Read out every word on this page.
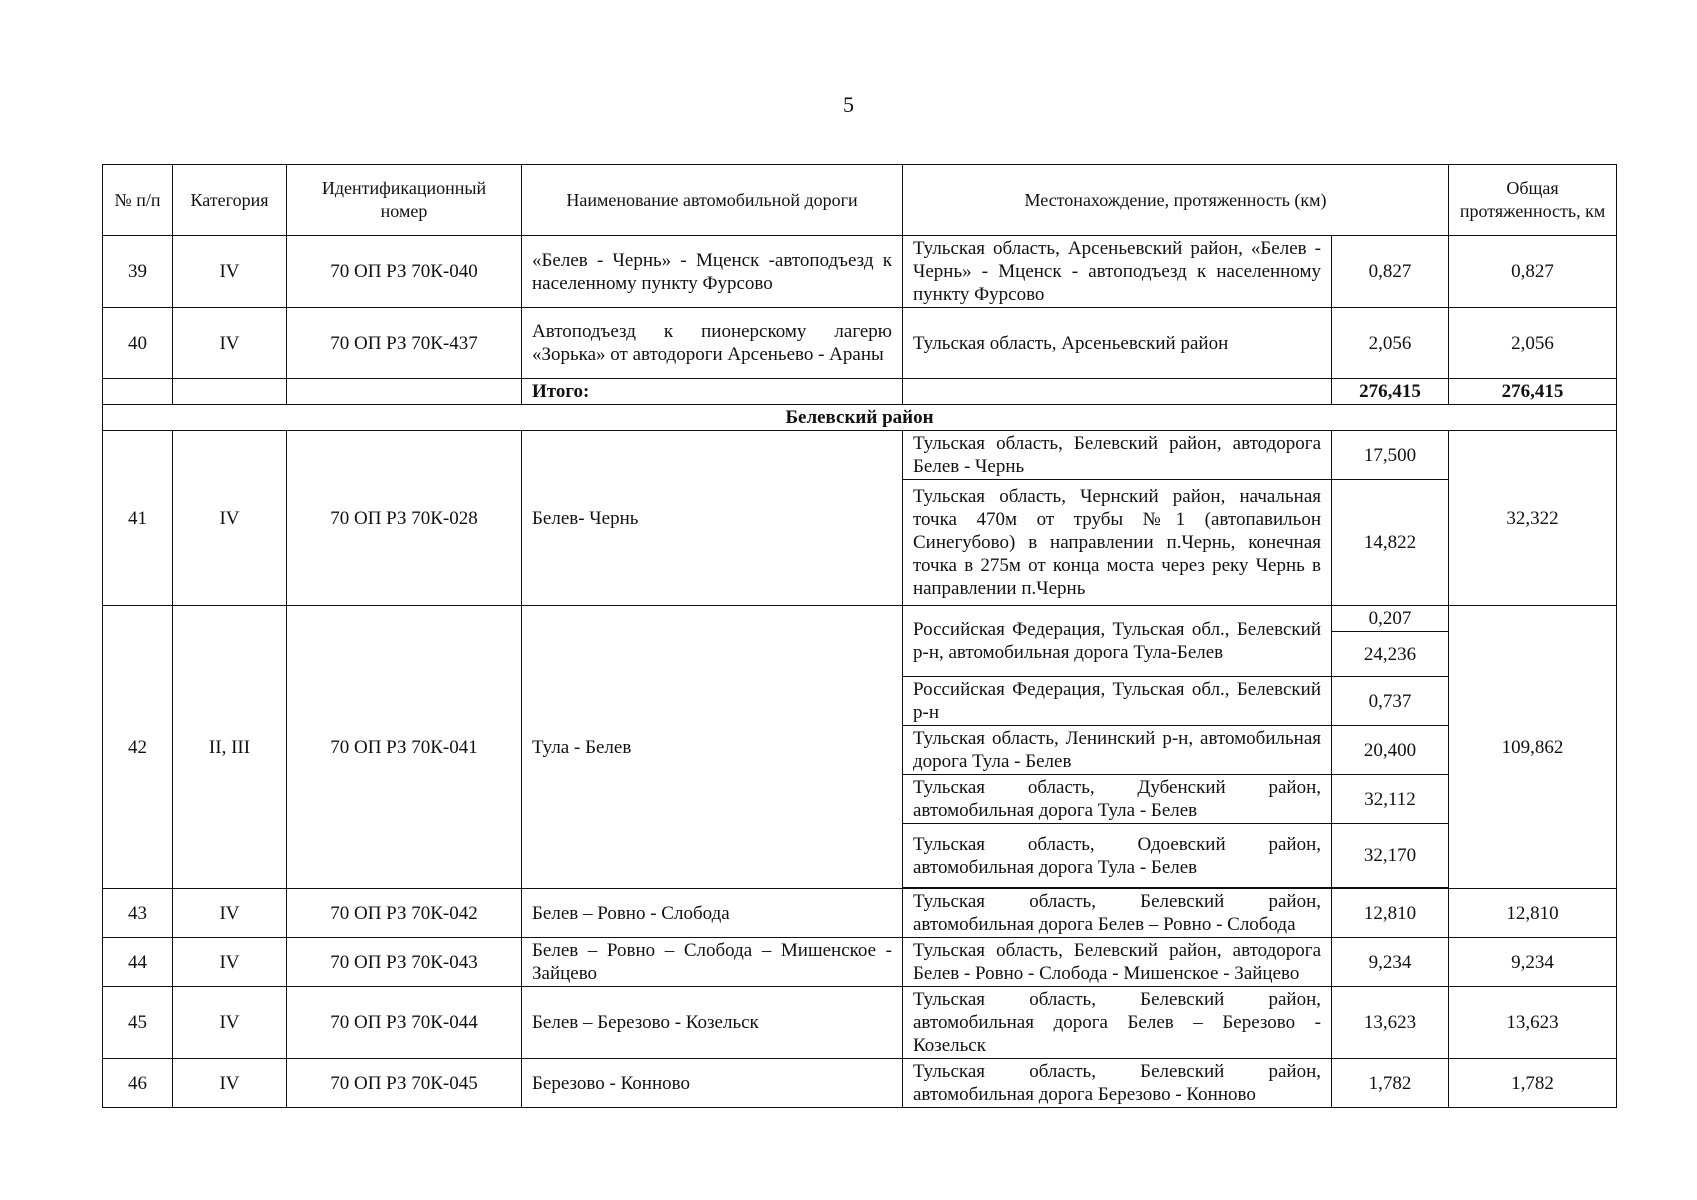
5
№ п/п	Категория	Идентификационный номер	Наименование автомобильной дороги	Местонахождение, протяженность (км)		Общая протяженность, км
39	IV	70 ОП РЗ 70К-040	«Белев - Чернь» - Мценск -автоподъезд к населенному пункту Фурсово	Тульская область, Арсеньевский район, «Белев - Чернь» - Мценск - автоподъезд к населенному пункту Фурсово	0,827	0,827
40	IV	70 ОП РЗ 70К-437	Автоподъезд к пионерскому лагерю «Зорька» от автодороги Арсеньево - Араны	Тульская область, Арсеньевский район	2,056	2,056
			Итого:		276,415	276,415
Белевский район						
41	IV	70 ОП РЗ 70К-028	Белев- Чернь	Тульская область, Белевский район, автодорога Белев - Чернь	17,500	32,322
				Тульская область, Чернский район, начальная точка 470м от трубы №1 (автопавильон Синегубово) в направлении п.Чернь, конечная точка в 275м от конца моста через реку Чернь в направлении п.Чернь	14,822	
42	II, III	70 ОП РЗ 70К-041	Тула - Белев	Российская Федерация, Тульская обл., Белевский р-н, автомобильная дорога Тула-Белев	0,207	109,862
					24,236	
				Российская Федерация, Тульская обл., Белевский р-н	0,737	
				Тульская область, Ленинский р-н, автомобильная дорога Тула - Белев	20,400	
				Тульская область, Дубенский район, автомобильная дорога Тула - Белев	32,112	
				Тульская область, Одоевский район, автомобильная дорога Тула - Белев	32,170	

43	IV	70 ОП РЗ 70К-042	Белев – Ровно - Слобода	Тульская область, Белевский район, автомобильная дорога Белев – Ровно - Слобода	12,810	12,810
44	IV	70 ОП РЗ 70К-043	Белев – Ровно – Слобода – Мишенское - Зайцево	Тульская область, Белевский район, автодорога Белев - Ровно - Слобода - Мишенское - Зайцево	9,234	9,234
45	IV	70 ОП РЗ 70К-044	Белев – Березово - Козельск	Тульская область, Белевский район, автомобильная дорога Белев – Березово - Козельск	13,623	13,623
46	IV	70 ОП РЗ 70К-045	Березово - Конново	Тульская область, Белевский район, автомобильная дорога Березово - Конново	1,782	1,782
